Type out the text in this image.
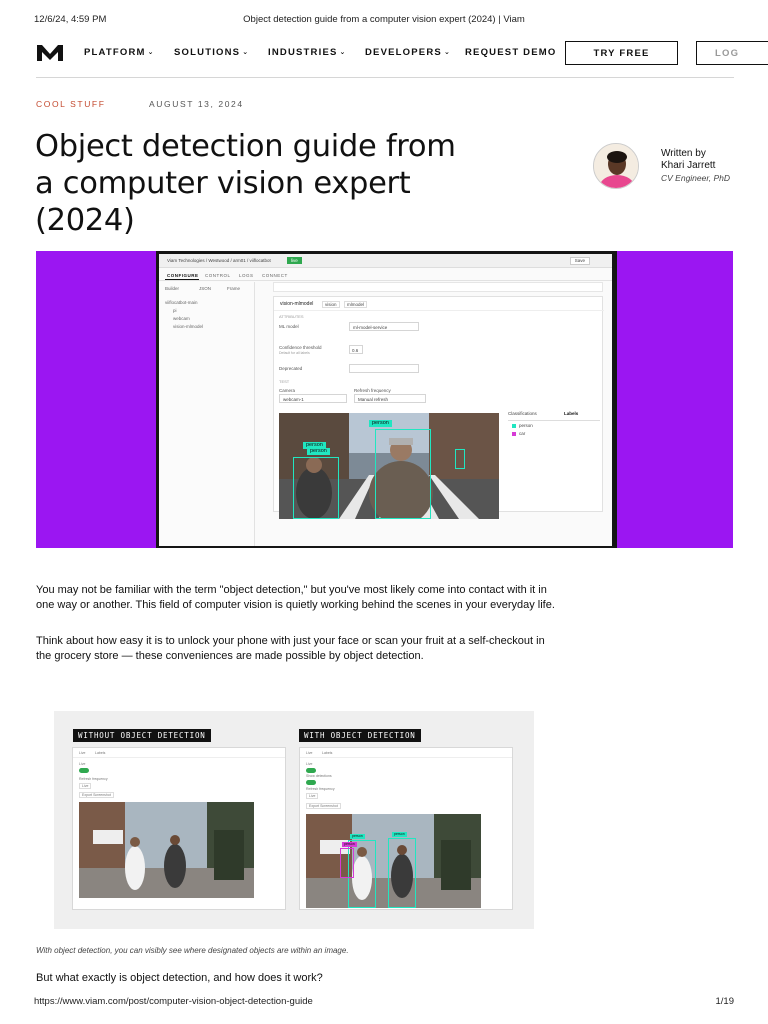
12/6/24, 4:59 PM	Object detection guide from a computer vision expert (2024) | Viam
PLATFORM ⌄ SOLUTIONS ⌄ INDUSTRIES ⌄ DEVELOPERS ⌄ REQUEST DEMO	TRY FREE	LOG
COOL STUFF	AUGUST 13, 2024
Object detection guide from a computer vision expert (2024)
Written by
Khari Jarrett
CV Engineer, PhD
Viam Technologies / Westwood / arm01 / viiflocatbot	live	Save
CONFIGURE CONTROL LOGS CONNECT
Builder	JSON	Frame
viiflocatbot-main
pi
webcam
vision-mlmodel
vision-mlmodel	vision	mlmodel
ATTRIBUTES
ML model	ml-model-service
Confidence threshold
Default for all labels	0.6
Deprecated
TEST
Camera
webcam-1
Refresh frequency
Manual refresh
person
person
person
Classifications	Labels
person
car

You may not be familiar with the term "object detection," but you've most likely come into contact with it in one way or another. This field of computer vision is quietly working behind the scenes in your everyday life.

Think about how easy it is to unlock your phone with just your face or scan your fruit at a self-checkout in the grocery store — these conveniences are made possible by object detection.

WITHOUT OBJECT DETECTION	WITH OBJECT DETECTION
Live	Labels
Live
Refresh frequency
Live
Export Screenshot
Live	Labels
Live
Show detections
Refresh frequency
Live
Export Screenshot
person	person
person
With object detection, you can visibly see where designated objects are within an image.

But what exactly is object detection, and how does it work?

https://www.viam.com/post/computer-vision-object-detection-guide	1/19
